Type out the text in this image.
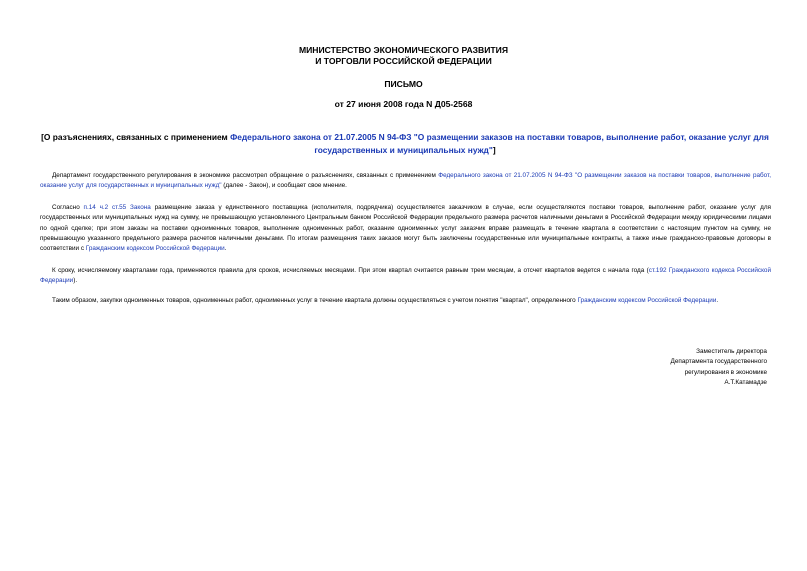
МИНИСТЕРСТВО ЭКОНОМИЧЕСКОГО РАЗВИТИЯ
И ТОРГОВЛИ РОССИЙСКОЙ ФЕДЕРАЦИИ
ПИСЬМО
от 27 июня 2008 года N Д05-2568
[О разъяснениях, связанных с применением Федерального закона от 21.07.2005 N 94-ФЗ "О размещении заказов на поставки товаров, выполнение работ, оказание услуг для государственных и муниципальных нужд"]
Департамент государственного регулирования в экономике рассмотрел обращение о разъяснениях, связанных с применением Федерального закона от 21.07.2005 N 94-ФЗ "О размещении заказов на поставки товаров, выполнение работ, оказание услуг для государственных и муниципальных нужд" (далее - Закон), и сообщает свое мнение.
Согласно п.14 ч.2 ст.55 Закона размещение заказа у единственного поставщика (исполнителя, подрядчика) осуществляется заказчиком в случае, если осуществляются поставки товаров, выполнение работ, оказание услуг для государственных или муниципальных нужд на сумму, не превышающую установленного Центральным банком Российской Федерации предельного размера расчетов наличными деньгами в Российской Федерации между юридическими лицами по одной сделке; при этом заказы на поставки одноименных товаров, выполнение одноименных работ, оказание одноименных услуг заказчик вправе размещать в течение квартала в соответствии с настоящим пунктом на сумму, не превышающую указанного предельного размера расчетов наличными деньгами. По итогам размещения таких заказов могут быть заключены государственные или муниципальные контракты, а также иные гражданско-правовые договоры в соответствии с Гражданским кодексом Российской Федерации.
К сроку, исчисляемому кварталами года, применяются правила для сроков, исчисляемых месяцами. При этом квартал считается равным трем месяцам, а отсчет кварталов ведется с начала года (ст.192 Гражданского кодекса Российской Федерации).
Таким образом, закупки одноименных товаров, одноименных работ, одноименных услуг в течение квартала должны осуществляться с учетом понятия "квартал", определенного Гражданским кодексом Российской Федерации.
Заместитель директора
Департамента государственного
регулирования в экономике
А.Т.Катамадзе
